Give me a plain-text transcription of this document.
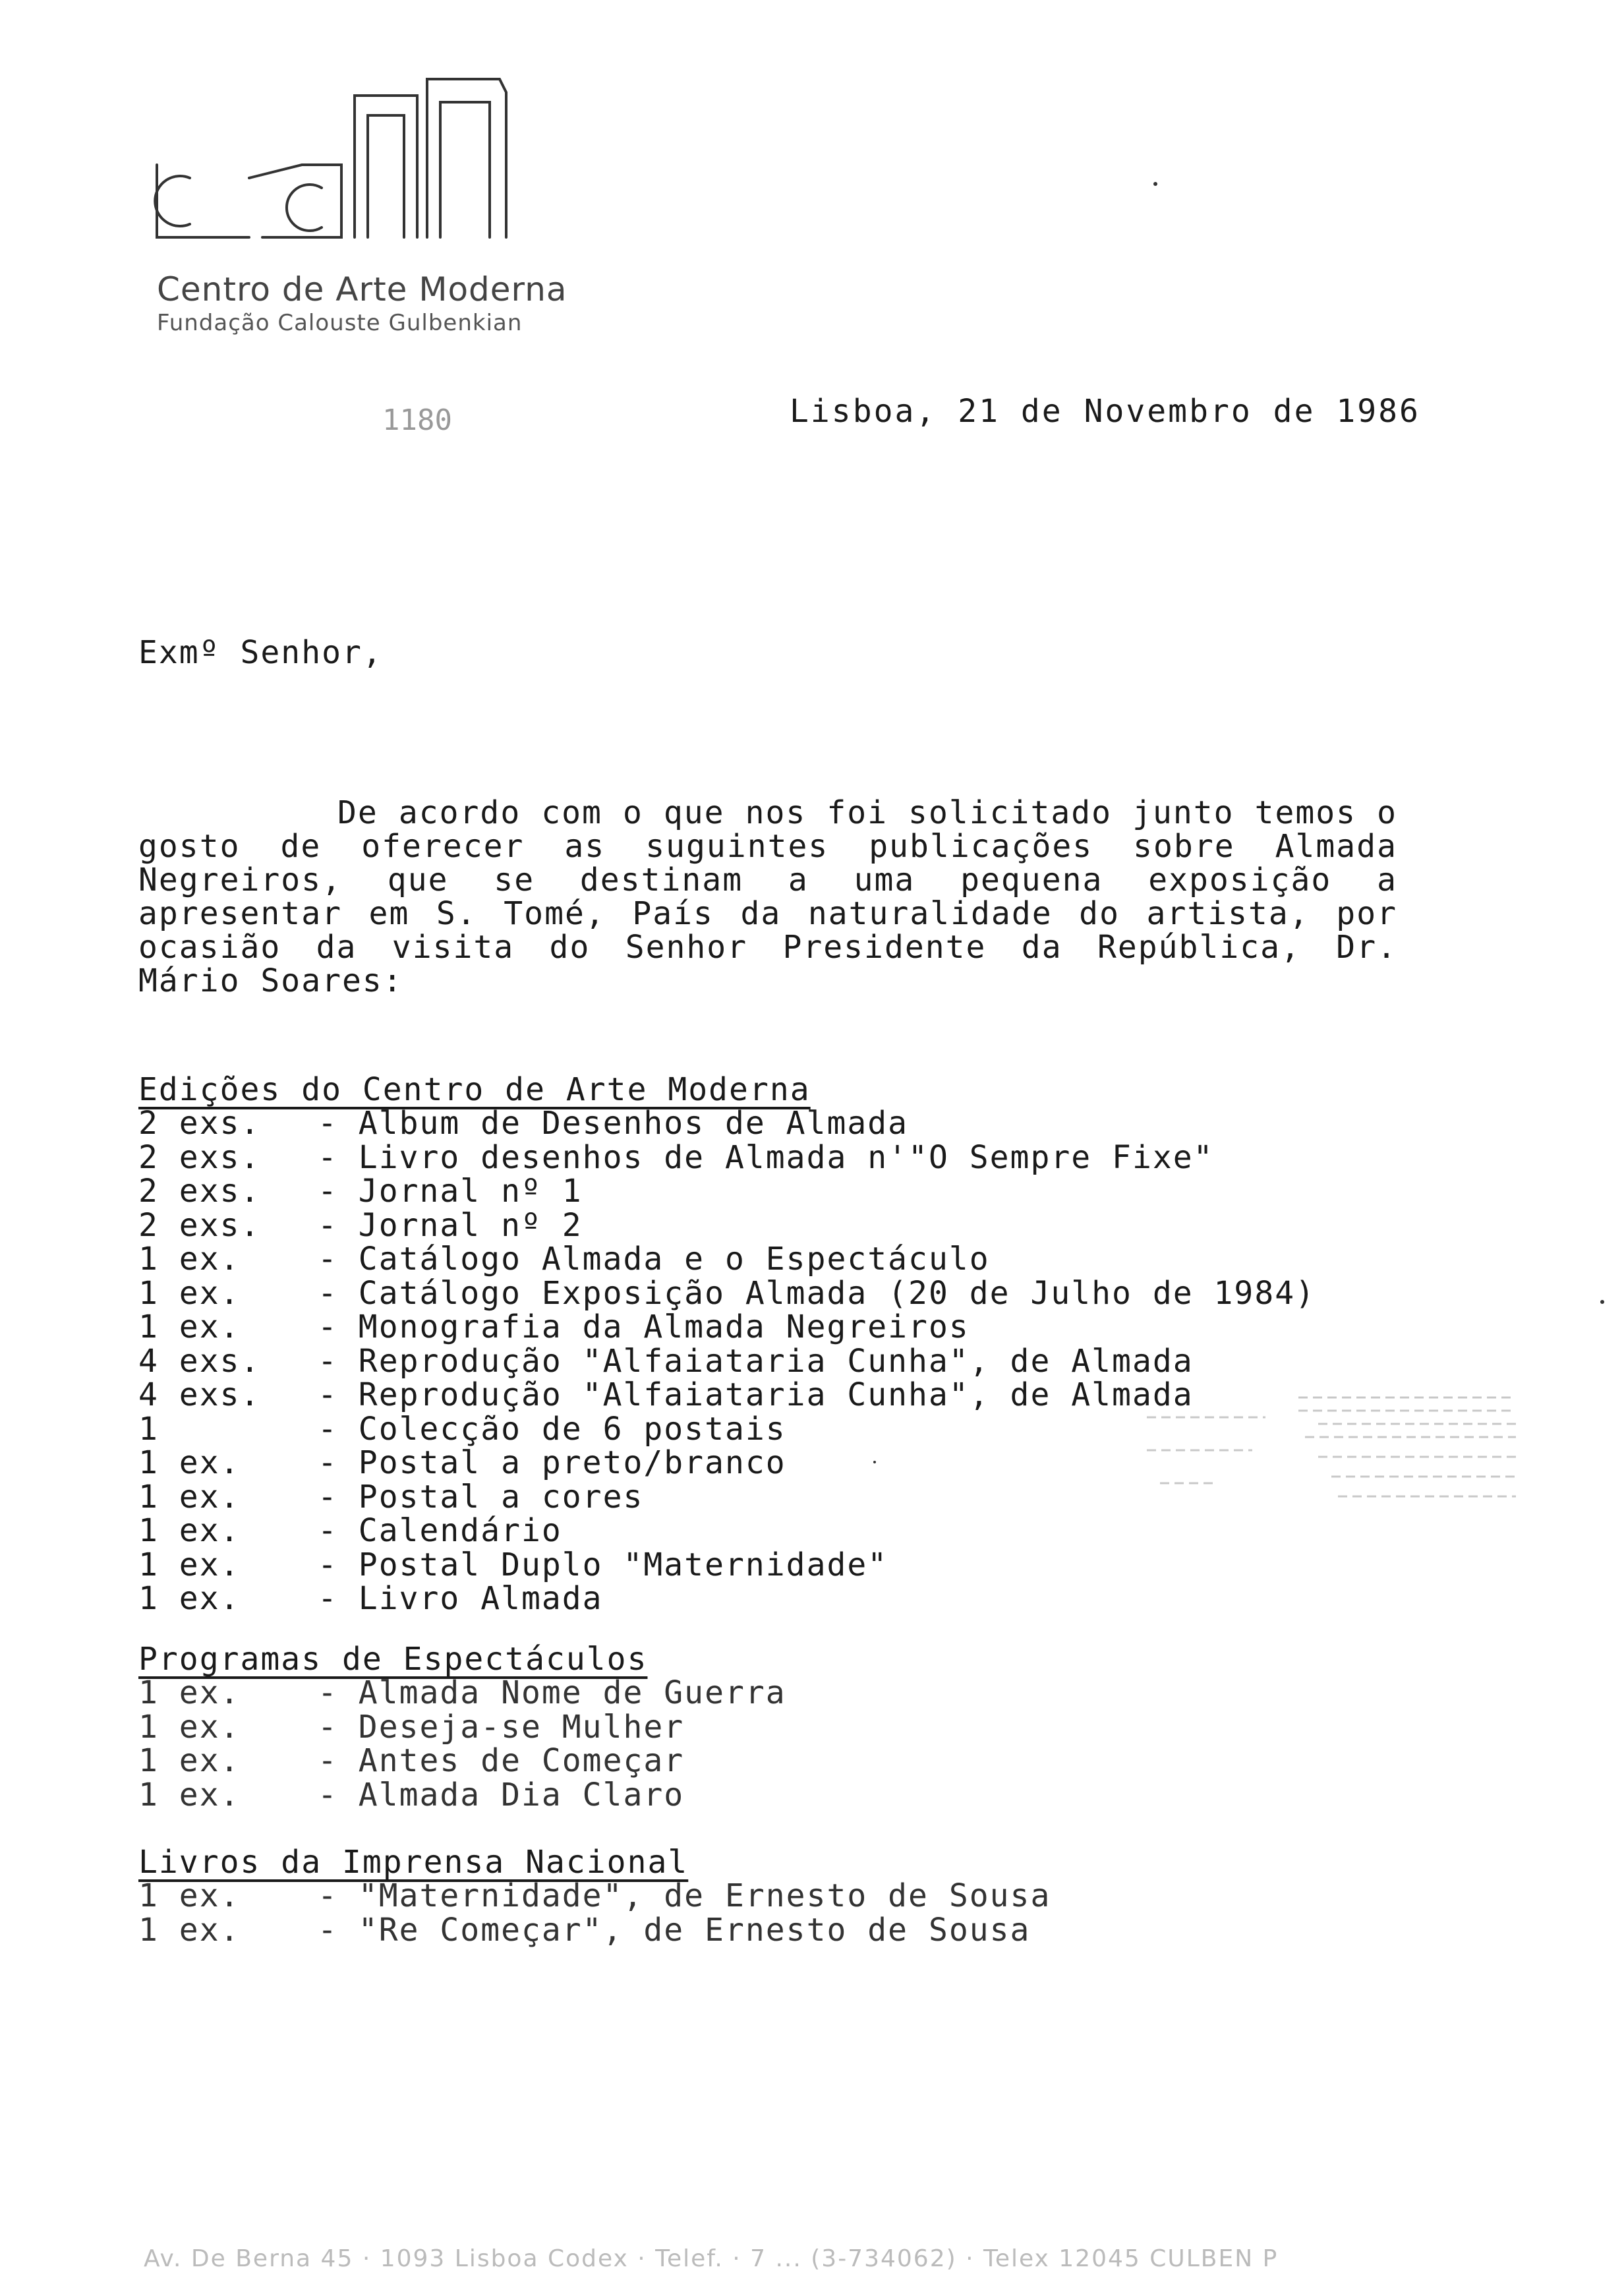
Centro de Arte Moderna
Fundação Calouste Gulbenkian
1180	Lisboa, 21 de Novembro de 1986
Exmº Senhor,
De acordo com o que nos foi solicitado junto temos o gosto de oferecer as suguintes publicações sobre Almada Negreiros, que se destinam a uma pequena exposição a apresentar em S. Tomé, País da naturalidade do artista, por ocasião da visita do Senhor Presidente da República, Dr. Mário Soares:
Edições do Centro de Arte Moderna
2 exs.	- Album de Desenhos de Almada
2 exs.	- Livro desenhos de Almada n'"O Sempre Fixe"
2 exs.	- Jornal nº 1
2 exs.	- Jornal nº 2
1 ex.	- Catálogo Almada e o Espectáculo
1 ex.	- Catálogo Exposição Almada (20 de Julho de 1984)
1 ex.	- Monografia da Almada Negreiros
4 exs.	- Reprodução "Alfaiataria Cunha", de Almada
4 exs.	- Reprodução "Alfaiataria Cunha", de Almada
1	- Colecção de 6 postais
1 ex.	- Postal a preto/branco
1 ex.	- Postal a cores
1 ex.	- Calendário
1 ex.	- Postal Duplo "Maternidade"
1 ex.	- Livro Almada
Programas de Espectáculos
1 ex.	- Almada Nome de Guerra
1 ex.	- Deseja-se Mulher
1 ex.	- Antes de Começar
1 ex.	- Almada Dia Claro
Livros da Imprensa Nacional
1 ex.	- "Maternidade", de Ernesto de Sousa
1 ex.	- "Re Começar", de Ernesto de Sousa
Av. De Berna 45 · 1093 Lisboa Codex · Telef. · 7 ... (3-734062) · Telex 12045 CULBEN P
